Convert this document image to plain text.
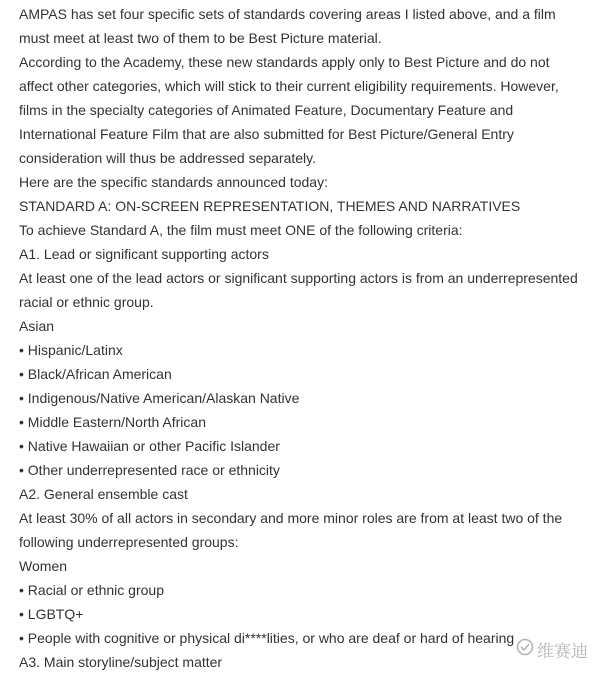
AMPAS has set four specific sets of standards covering areas I listed above, and a film
must meet at least two of them to be Best Picture material.
According to the Academy, these new standards apply only to Best Picture and do not
affect other categories, which will stick to their current eligibility requirements. However,
films in the specialty categories of Animated Feature, Documentary Feature and
International Feature Film that are also submitted for Best Picture/General Entry
consideration will thus be addressed separately.
Here are the specific standards announced today:
STANDARD A: ON-SCREEN REPRESENTATION, THEMES AND NARRATIVES
To achieve Standard A, the film must meet ONE of the following criteria:
A1. Lead or significant supporting actors
At least one of the lead actors or significant supporting actors is from an underrepresented
racial or ethnic group.
Asian
• Hispanic/Latinx
• Black/African American
• Indigenous/Native American/Alaskan Native
• Middle Eastern/North African
• Native Hawaiian or other Pacific Islander
• Other underrepresented race or ethnicity
A2. General ensemble cast
At least 30% of all actors in secondary and more minor roles are from at least two of the
following underrepresented groups:
Women
• Racial or ethnic group
• LGBTQ+
• People with cognitive or physical di****lities, or who are deaf or hard of hearing
A3. Main storyline/subject matter	维赛迪
